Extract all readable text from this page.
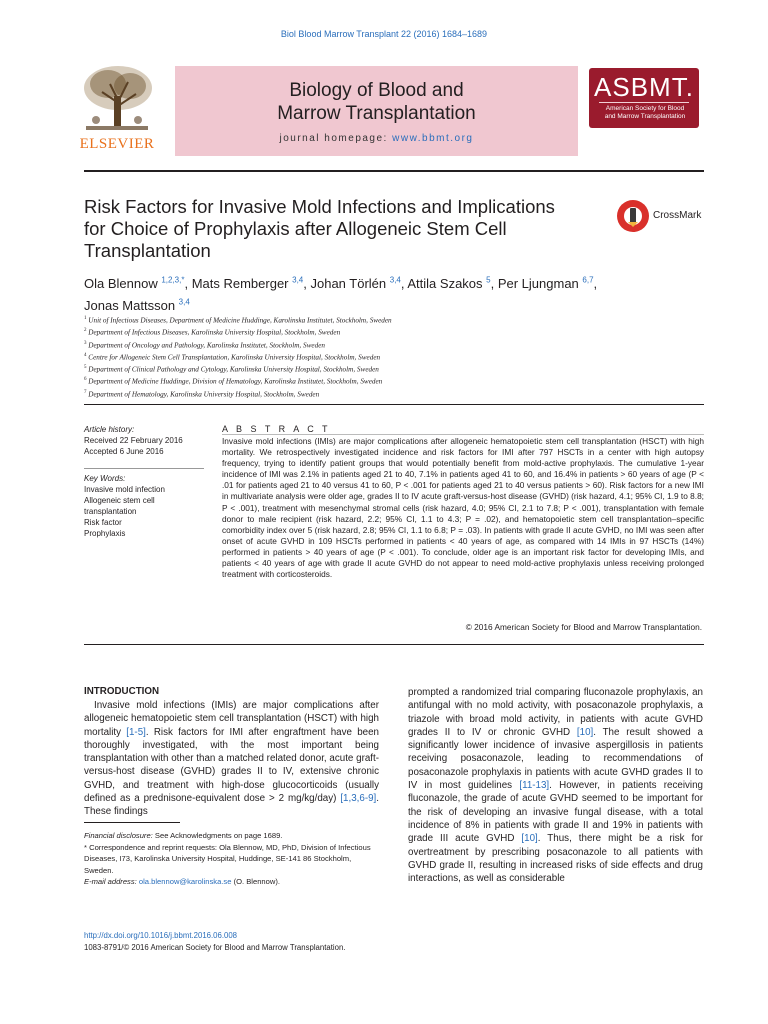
Biol Blood Marrow Transplant 22 (2016) 1684–1689
ELSEVIER
Biology of Blood and
Marrow Transplantation
journal homepage: www.bbmt.org
ASBMT.
American Society for Blood
and Marrow Transplantation
Risk Factors for Invasive Mold Infections and Implications
for Choice of Prophylaxis after Allogeneic Stem Cell
Transplantation
CrossMark
Ola Blennow $^{1,2,3,*}$, Mats Remberger $^{3,4}$, Johan Törlén $^{3,4}$, Attila Szakos $^5$, Per Ljungman $^{6,7}$,
Jonas Mattsson $^{3,4}$
$^1$ Unit of Infectious Diseases, Department of Medicine Huddinge, Karolinska Institutet, Stockholm, Sweden
$^2$ Department of Infectious Diseases, Karolinska University Hospital, Stockholm, Sweden
$^3$ Department of Oncology and Pathology, Karolinska Institutet, Stockholm, Sweden
$^4$ Centre for Allogeneic Stem Cell Transplantation, Karolinska University Hospital, Stockholm, Sweden
$^5$ Department of Clinical Pathology and Cytology, Karolinska University Hospital, Stockholm, Sweden
$^6$ Department of Medicine Huddinge, Division of Hematology, Karolinska Institutet, Stockholm, Sweden
$^7$ Department of Hematology, Karolinska University Hospital, Stockholm, Sweden
Article history:
Received 22 February 2016
Accepted 6 June 2016
Key Words:
Invasive mold infection
Allogeneic stem cell
transplantation
Risk factor
Prophylaxis
A B S T R A C T
Invasive mold infections (IMIs) are major complications after allogeneic hematopoietic stem cell transplantation (HSCT) with high mortality. We retrospectively investigated incidence and risk factors for IMI after 797 HSCTs in a center with high autopsy frequency, trying to identify patient groups that would potentially benefit from mold-active prophylaxis. The cumulative 1-year incidence of IMI was 2.1% in patients aged 21 to 40, 7.1% in patients aged 41 to 60, and 16.4% in patients > 60 years of age (P < .01 for patients aged 21 to 40 versus 41 to 60, P < .001 for patients aged 21 to 40 versus patients > 60). Risk factors for a new IMI in multivariate analysis were older age, grades II to IV acute graft-versus-host disease (GVHD) (risk hazard, 4.1; 95% CI, 1.9 to 8.8; P < .001), treatment with mesenchymal stromal cells (risk hazard, 4.0; 95% CI, 2.1 to 7.8; P < .001), transplantation with female donor to male recipient (risk hazard, 2.2; 95% CI, 1.1 to 4.3; P = .02), and hematopoietic stem cell transplantation–specific comorbidity index over 5 (risk hazard, 2.8; 95% CI, 1.1 to 6.8; P = .03). In patients with grade II acute GVHD, no IMI was seen after onset of acute GVHD in 109 HSCTs performed in patients < 40 years of age, as compared with 14 IMIs in 97 HSCTs (14%) performed in patients > 40 years of age (P < .001). To conclude, older age is an important risk factor for developing IMIs, and patients < 40 years of age with grade II acute GVHD do not appear to need mold-active prophylaxis unless receiving prolonged treatment with corticosteroids.
© 2016 American Society for Blood and Marrow Transplantation.
INTRODUCTION
Invasive mold infections (IMIs) are major complications after allogeneic hematopoietic stem cell transplantation (HSCT) with high mortality [1-5]. Risk factors for IMI after engraftment have been thoroughly investigated, with the most important being transplantation with other than a matched related donor, acute graft-versus-host disease (GVHD) grades II to IV, extensive chronic GVHD, and treatment with high-dose glucocorticoids (usually defined as a prednisone-equivalent dose > 2 mg/kg/day) [1,3,6-9]. These findings
prompted a randomized trial comparing fluconazole prophylaxis, an antifungal with no mold activity, with posaconazole prophylaxis, a triazole with broad mold activity, in patients with acute GVHD grades II to IV or chronic GVHD [10]. The result showed a significantly lower incidence of invasive aspergillosis in patients receiving posaconazole, leading to recommendations of posaconazole prophylaxis in patients with acute GVHD grades II to IV in most guidelines [11-13]. However, in patients receiving fluconazole, the grade of acute GVHD seemed to be important for the risk of developing an invasive fungal disease, with a total incidence of 8% in patients with grade II and 19% in patients with grade III acute GVHD [10]. Thus, there might be a risk for overtreatment by prescribing posaconazole to all patients with GVHD grade II, resulting in increased risks of side effects and drug interactions, as well as considerable
Financial disclosure: See Acknowledgments on page 1689.
* Correspondence and reprint requests: Ola Blennow, MD, PhD, Division of Infectious Diseases, I73, Karolinska University Hospital, Huddinge, SE-141 86 Stockholm, Sweden.
E-mail address: ola.blennow@karolinska.se (O. Blennow).
http://dx.doi.org/10.1016/j.bbmt.2016.06.008
1083-8791/© 2016 American Society for Blood and Marrow Transplantation.
